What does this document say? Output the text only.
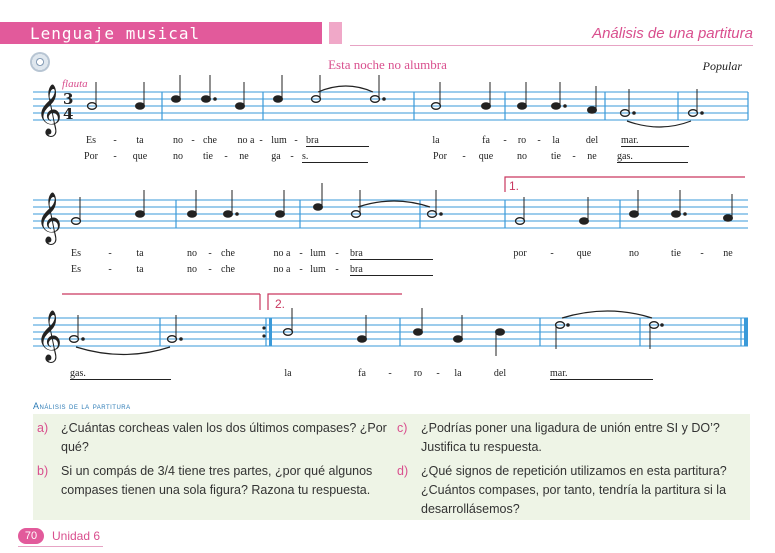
Lenguaje musical	Análisis de una partitura
Esta noche no alumbra	Popular
flauta
𝄞
𝄞
𝄞
3
4
1.
2.
Es - ta	no - che no a - lum - bra	la	fa - ro - la	del mar.
Por - que	no tie - ne ga - s.	Por - que no tie - ne gas.
Es	- ta	no - che	no a - lum - bra	por - que	no	tie - ne
Es	- ta	no - che	no a - lum - bra
gas.	la	fa - ro - la	del	mar.
Análisis de la partitura
a) ¿Cuántas corcheas valen los dos últimos compases? ¿Por qué?
b) Si un compás de 3/4 tiene tres partes, ¿por qué algunos compases tienen una sola figura? Razona tu respuesta.
c) ¿Podrías poner una ligadura de unión entre SI y DO’? Justifica tu respuesta.
d) ¿Qué signos de repetición utilizamos en esta partitura? ¿Cuántos compases, por tanto, tendría la partitura si la desarrollásemos?
70	Unidad 6
